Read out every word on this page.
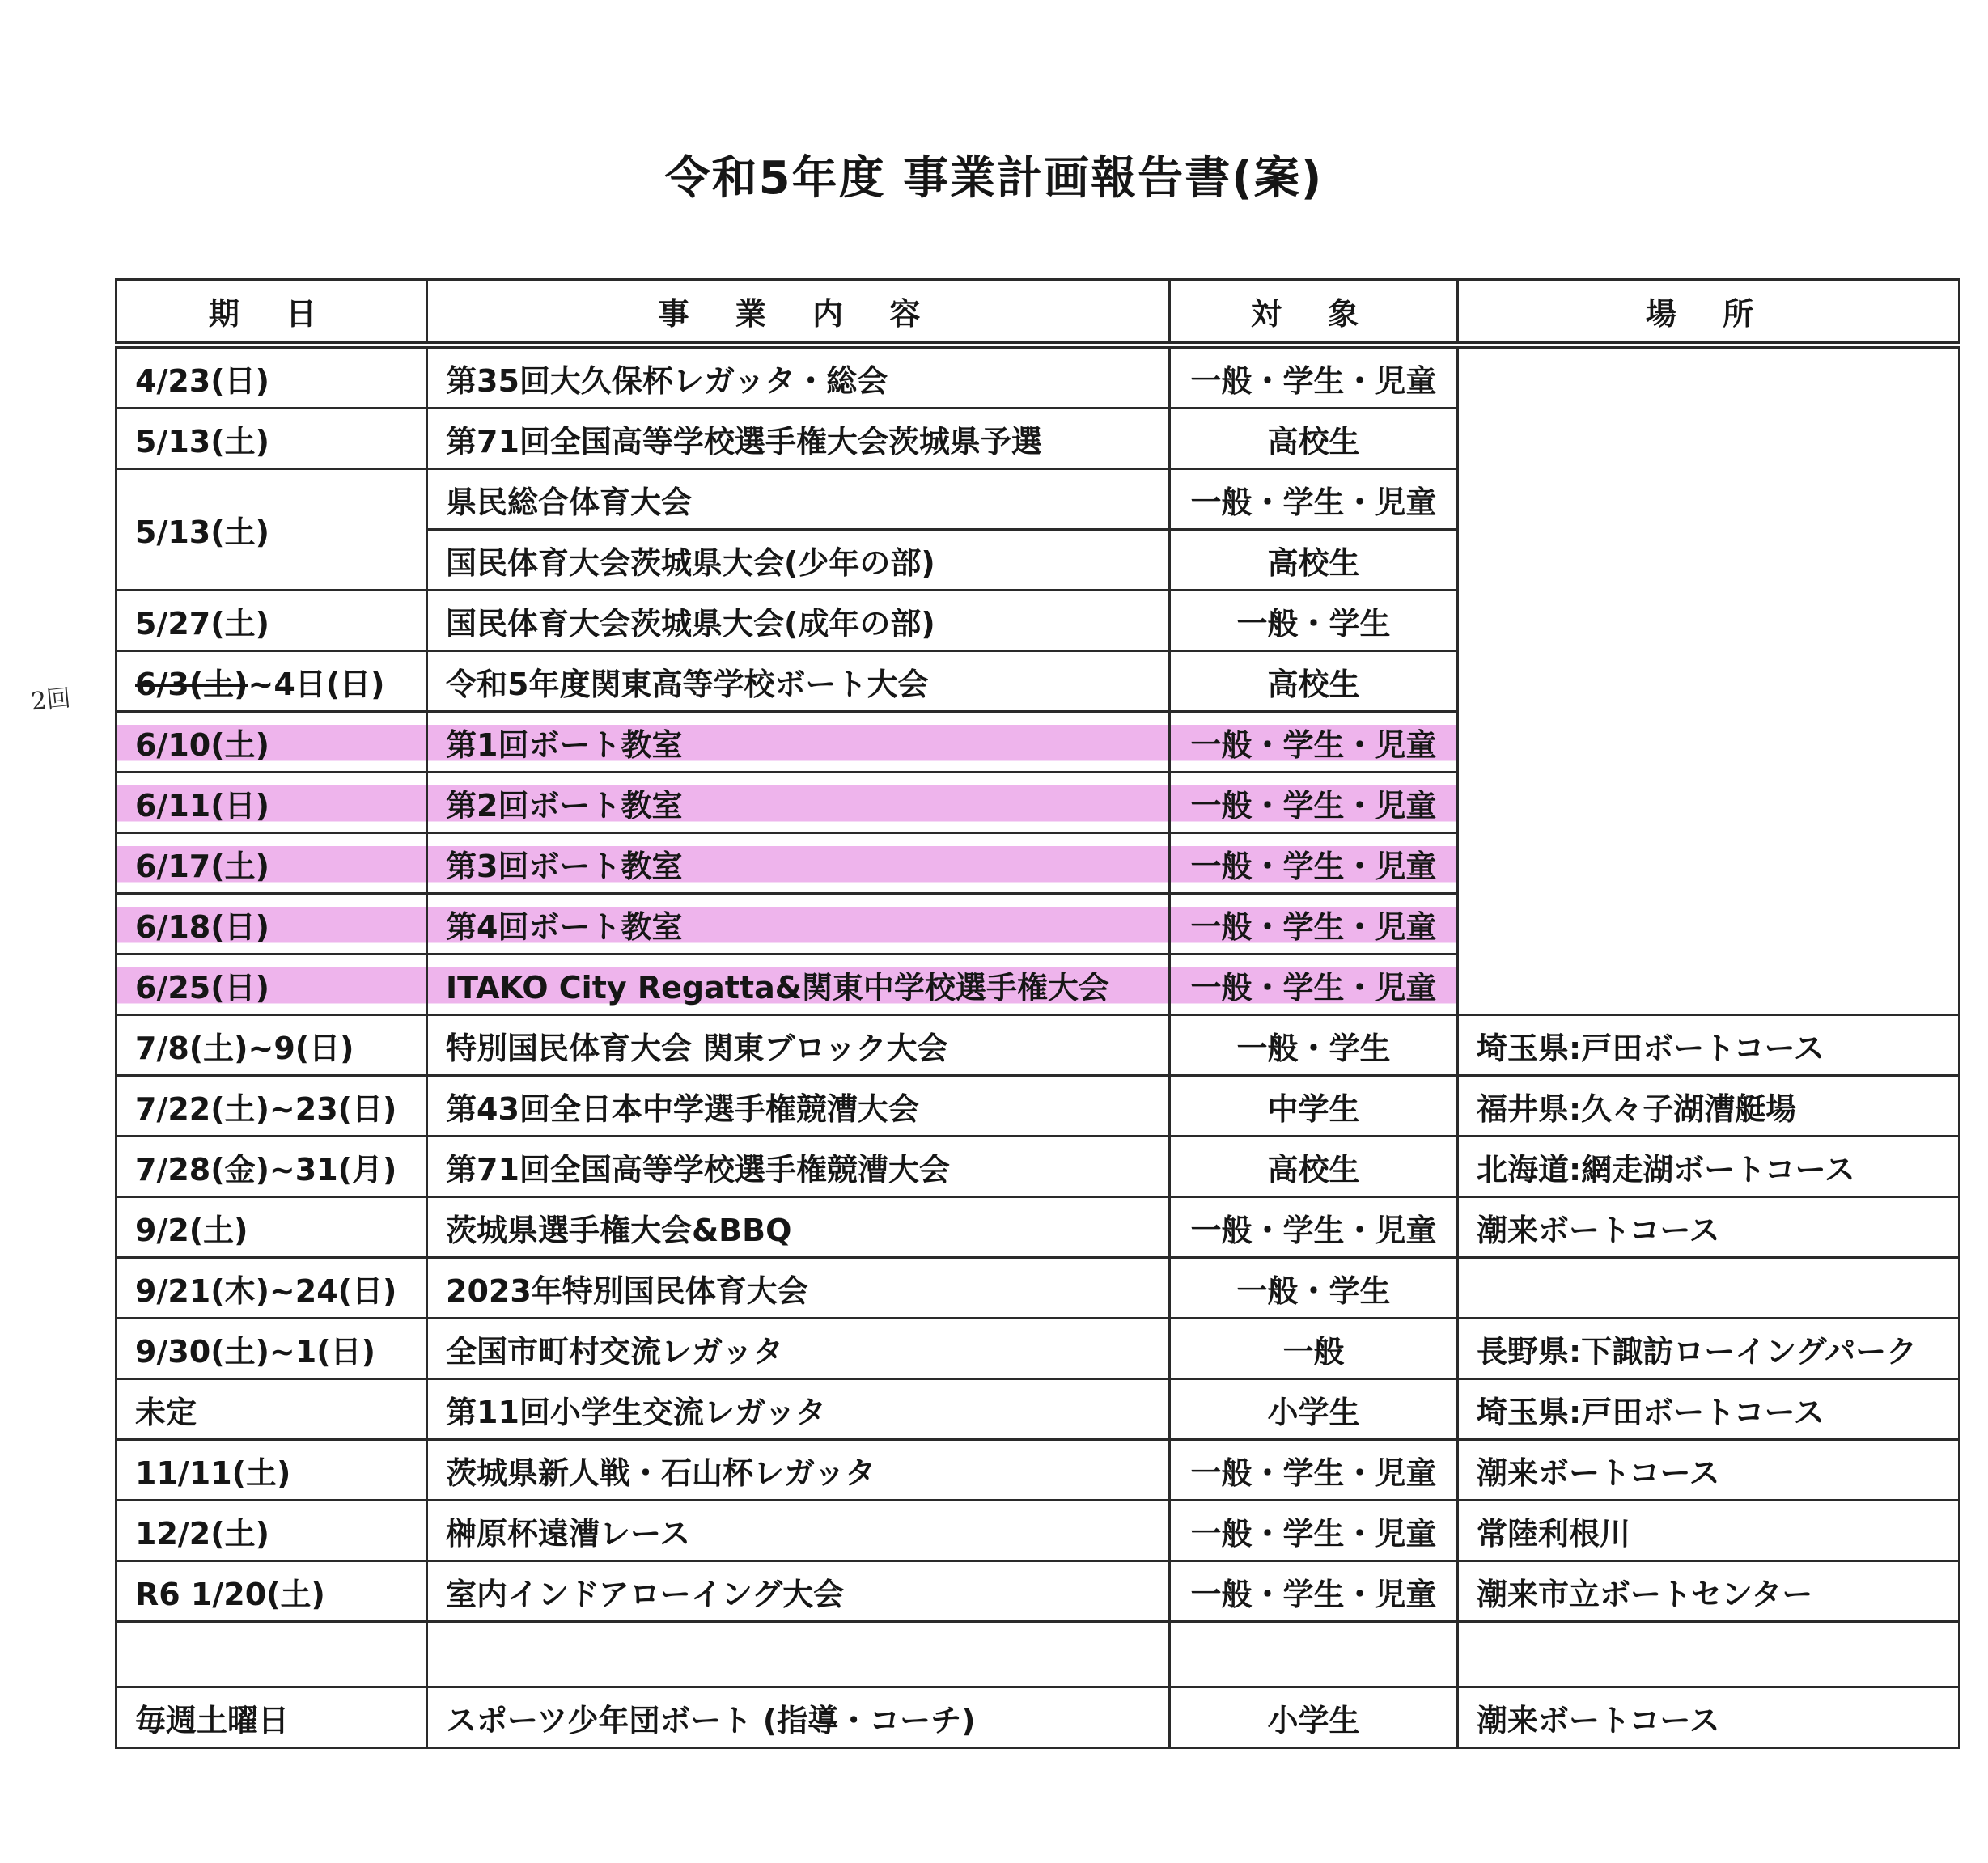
令和5年度 事業計画報告書(案)
2回
期 日	事 業 内 容	対 象	場 所
4/23(日)	第35回大久保杯レガッタ・総会	一般・学生・児童	
5/13(土)	第71回全国高等学校選手権大会茨城県予選	高校生	
5/13(土)	県民総合体育大会	一般・学生・児童	
	国民体育大会茨城県大会(少年の部)	高校生	
5/27(土)	国民体育大会茨城県大会(成年の部)	一般・学生	
6/3(土)~4日(日)	令和5年度関東高等学校ボート大会	高校生	
6/10(土)	第1回ボート教室	一般・学生・児童	
6/11(日)	第2回ボート教室	一般・学生・児童	
6/17(土)	第3回ボート教室	一般・学生・児童	
6/18(日)	第4回ボート教室	一般・学生・児童	
6/25(日)	ITAKO City Regatta&関東中学校選手権大会	一般・学生・児童	
7/8(土)~9(日)	特別国民体育大会 関東ブロック大会	一般・学生	埼玉県:戸田ボートコース
7/22(土)~23(日)	第43回全日本中学選手権競漕大会	中学生	福井県:久々子湖漕艇場
7/28(金)~31(月)	第71回全国高等学校選手権競漕大会	高校生	北海道:網走湖ボートコース
9/2(土)	茨城県選手権大会&BBQ	一般・学生・児童	潮来ボートコース
9/21(木)~24(日)	2023年特別国民体育大会	一般・学生	
9/30(土)~1(日)	全国市町村交流レガッタ	一般	長野県:下諏訪ローイングパーク
未定	第11回小学生交流レガッタ	小学生	埼玉県:戸田ボートコース
11/11(土)	茨城県新人戦・石山杯レガッタ	一般・学生・児童	潮来ボートコース
12/2(土)	榊原杯遠漕レース	一般・学生・児童	常陸利根川
R6 1/20(土)	室内インドアローイング大会	一般・学生・児童	潮来市立ボートセンター

毎週土曜日	スポーツ少年団ボート (指導・コーチ)	小学生	潮来ボートコース
